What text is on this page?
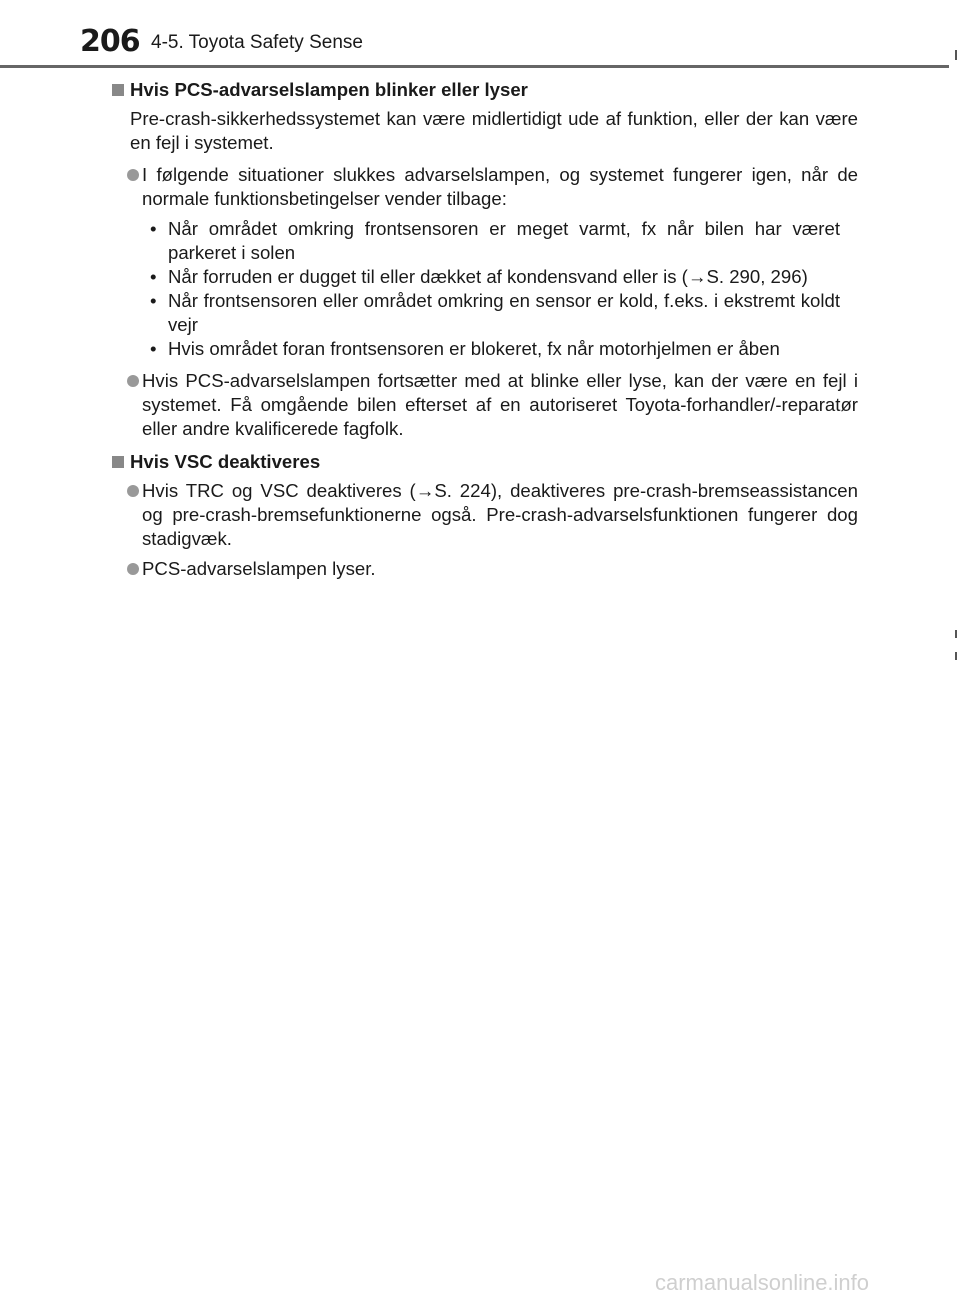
206 4-5. Toyota Safety Sense
Hvis PCS-advarselslampen blinker eller lyser
Pre-crash-sikkerhedssystemet kan være midlertidigt ude af funktion, eller der kan være en fejl i systemet.
I følgende situationer slukkes advarselslampen, og systemet fungerer igen, når de normale funktionsbetingelser vender tilbage:
• Når området omkring frontsensoren er meget varmt, fx når bilen har været parkeret i solen
• Når forruden er dugget til eller dækket af kondensvand eller is (→S. 290, 296)
• Når frontsensoren eller området omkring en sensor er kold, f.eks. i ekstremt koldt vejr
• Hvis området foran frontsensoren er blokeret, fx når motorhjelmen er åben
Hvis PCS-advarselslampen fortsætter med at blinke eller lyse, kan der være en fejl i systemet. Få omgående bilen efterset af en autoriseret Toyota-forhandler/-reparatør eller andre kvalificerede fagfolk.
Hvis VSC deaktiveres
Hvis TRC og VSC deaktiveres (→S. 224), deaktiveres pre-crash-bremseassistancen og pre-crash-bremsefunktionerne også. Pre-crash-advarselsfunktionen fungerer dog stadigvæk.
PCS-advarselslampen lyser.
carmanualsonline.info
